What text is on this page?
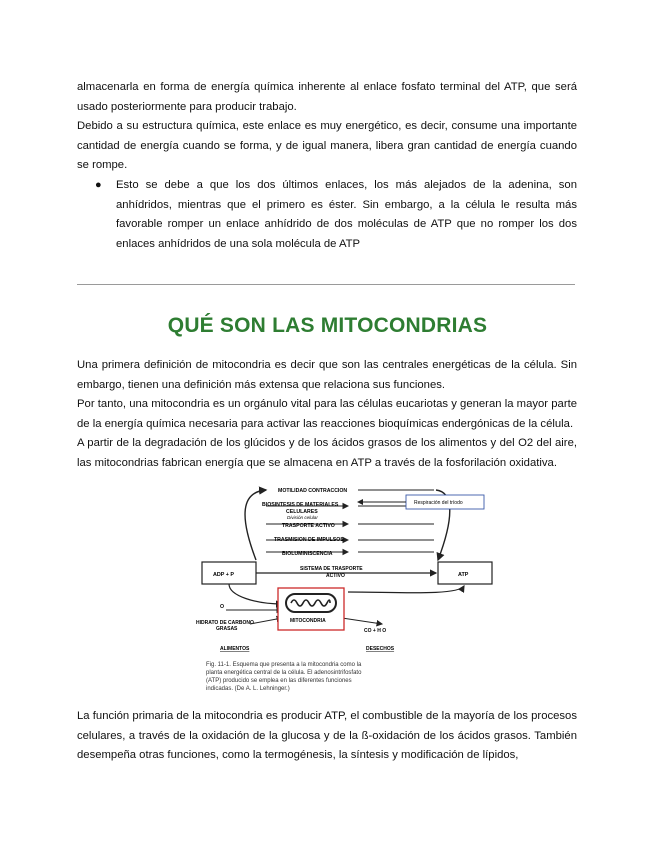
almacenarla en forma de energía química inherente al enlace fosfato terminal del ATP, que será usado posteriormente para producir trabajo.

Debido a su estructura química, este enlace es muy energético, es decir, consume una importante cantidad de energía cuando se forma, y de igual manera, libera gran cantidad de energía cuando se rompe.

● Esto se debe a que los dos últimos enlaces, los más alejados de la adenina, son anhídridos, mientras que el primero es éster. Sin embargo, a la célula le resulta más favorable romper un enlace anhídrido de dos moléculas de ATP que no romper los dos enlaces anhídridos de una sola molécula de ATP

QUÉ SON LAS MITOCONDRIAS

Una primera definición de mitocondria es decir que son las centrales energéticas de la célula. Sin embargo, tienen una definición más extensa que relaciona sus funciones.

Por tanto, una mitocondria es un orgánulo vital para las células eucariotas y generan la mayor parte de la energía química necesaria para activar las reacciones bioquímicas endergónicas de la célula.

A partir de la degradación de los glúcidos y de los ácidos grasos de los alimentos y del O2 del aire, las mitocondrias fabrican energía que se almacena en ATP a través de la fosforilación oxidativa.

MOTILIDAD CONTRACCION
BIOSINTESIS DE MATERIALES
CELULARES
División celular
TRASPORTE ACTIVO
TRASMISION DE IMPULSOS
BIOLUMINISCENCIA
Respiración del tríodo
ADP + P	ATP
SISTEMA DE TRASPORTE
ACTIVO
O
HIDRATO DE CARBONO
GRASAS	CO + H O
MITOCONDRIA
ALIMENTOS	DESECHOS
Fig. 11-1. Esquema que presenta a la mitocondria como la
planta energética central de la célula. El adenosintrifosfato
(ATP) producido se emplea en las diferentes funciones
indicadas. (De A. L. Lehninger.)

La función primaria de la mitocondria es producir ATP, el combustible de la mayoría de los procesos celulares, a través de la oxidación de la glucosa y de la ß-oxidación de los ácidos grasos. También desempeña otras funciones, como la termogénesis, la síntesis y modificación de lípidos,
